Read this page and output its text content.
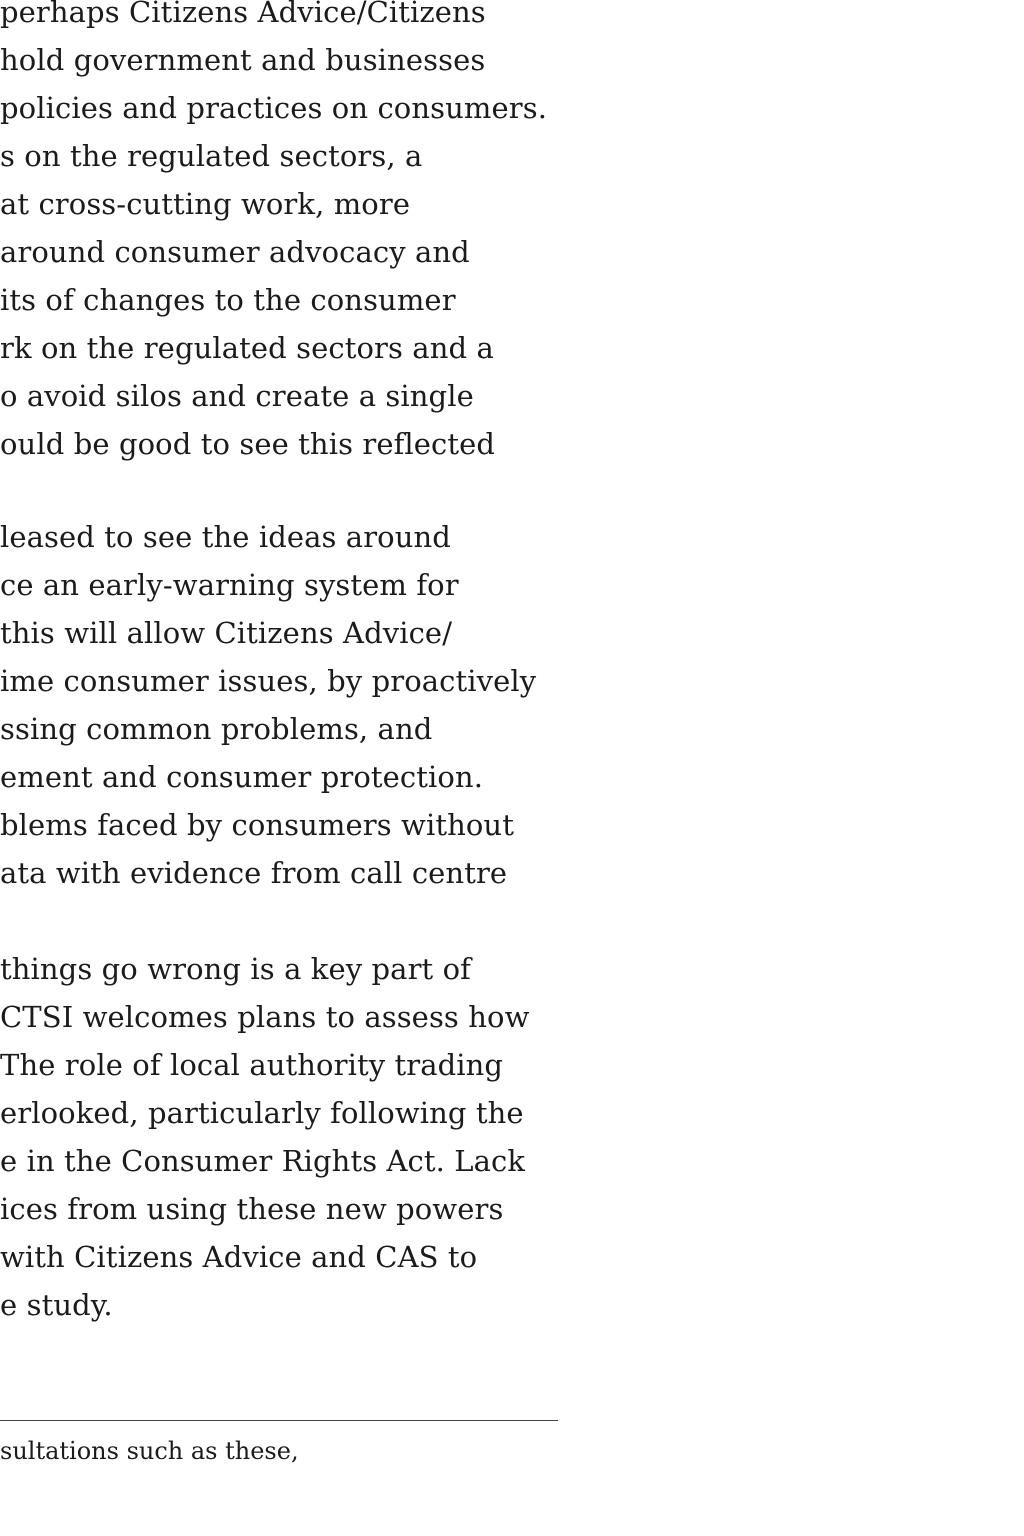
perhaps Citizens Advice/Citizens
hold government and businesses
policies and practices on consumers.
s on the regulated sectors, a
at cross-cutting work, more
around consumer advocacy and
its of changes to the consumer
rk on the regulated sectors and a
o avoid silos and create a single
ould be good to see this reflected
leased to see the ideas around
ce an early-warning system for
this will allow Citizens Advice/
ime consumer issues, by proactively
ssing common problems, and
ement and consumer protection.
blems faced by consumers without
ata with evidence from call centre
things go wrong is a key part of
CTSI welcomes plans to assess how
The role of local authority trading
erlooked, particularly following the
e in the Consumer Rights Act. Lack
ices from using these new powers
with Citizens Advice and CAS to
e study.
sultations such as these,
